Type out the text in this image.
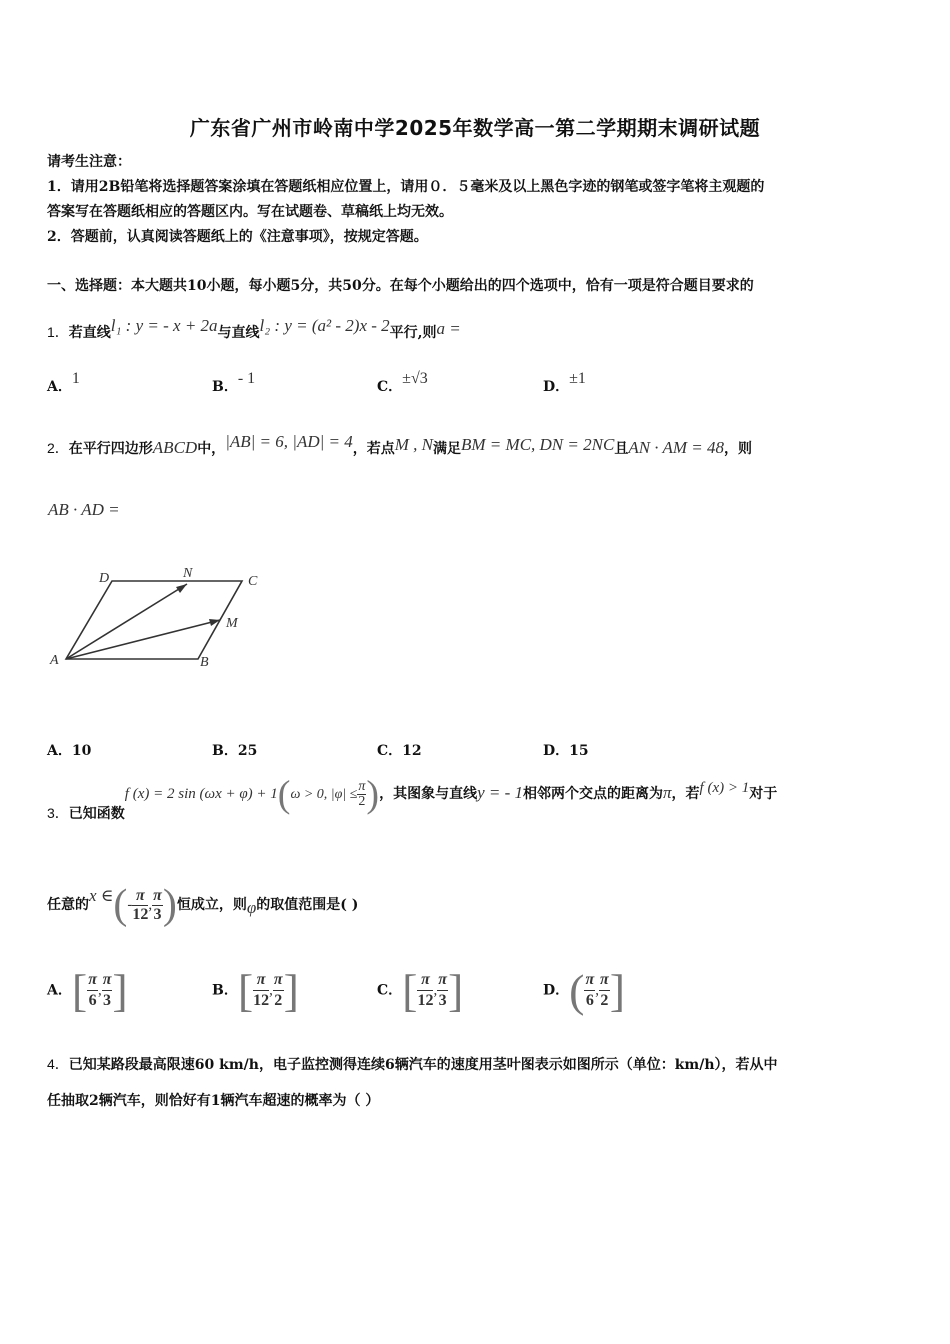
广东省广州市岭南中学2025年数学高一第二学期期末调研试题
请考生注意：
1．请用2B铅笔将选择题答案涂填在答题纸相应位置上，请用０．５毫米及以上黑色字迹的钢笔或签字笔将主观题的
答案写在答题纸相应的答题区内。写在试题卷、草稿纸上均无效。
2．答题前，认真阅读答题纸上的《注意事项》，按规定答题。
一、选择题：本大题共10小题，每小题5分，共50分。在每个小题给出的四个选项中，恰有一项是符合题目要求的
1．若直线l₁ : y = - x + 2a与直线l₂ : y = (a² - 2)x - 2平行,则a =
A．1	B．- 1	C．±√3	D．±1
2．在平行四边形ABCD中，|AB| = 6, |AD| = 4，若点M , N满足BM = MC, DN = 2NC且AN · AM = 48，则
AB · AD =
A	B
C
D	N
M
A．10	B．25	C．12	D．15
3．已知函数f (x) = 2 sin (ωx + φ) + 1(ω > 0, $|\varphi| \le \frac{\pi}{2}$ )，其图象与直线y = - 1相邻两个交点的距离为π，若f (x) > 1对于
任意的x ∈(- $\frac{\pi}{12}$ , $\frac{\pi}{3}$ )恒成立，则φ的取值范围是( )
A．[ $\frac{\pi}{6}$ , $\frac{\pi}{3}$ ]	B．[ $\frac{\pi}{12}$ , $\frac{\pi}{2}$ ]	C．[ $\frac{\pi}{12}$ , $\frac{\pi}{3}$ ]	D．( $\frac{\pi}{6}$ , $\frac{\pi}{2}$ ]
4．已知某路段最高限速60 km/h，电子监控测得连续6辆汽车的速度用茎叶图表示如图所示（单位：km/h），若从中
任抽取2辆汽车，则恰好有1辆汽车超速的概率为（ ）
